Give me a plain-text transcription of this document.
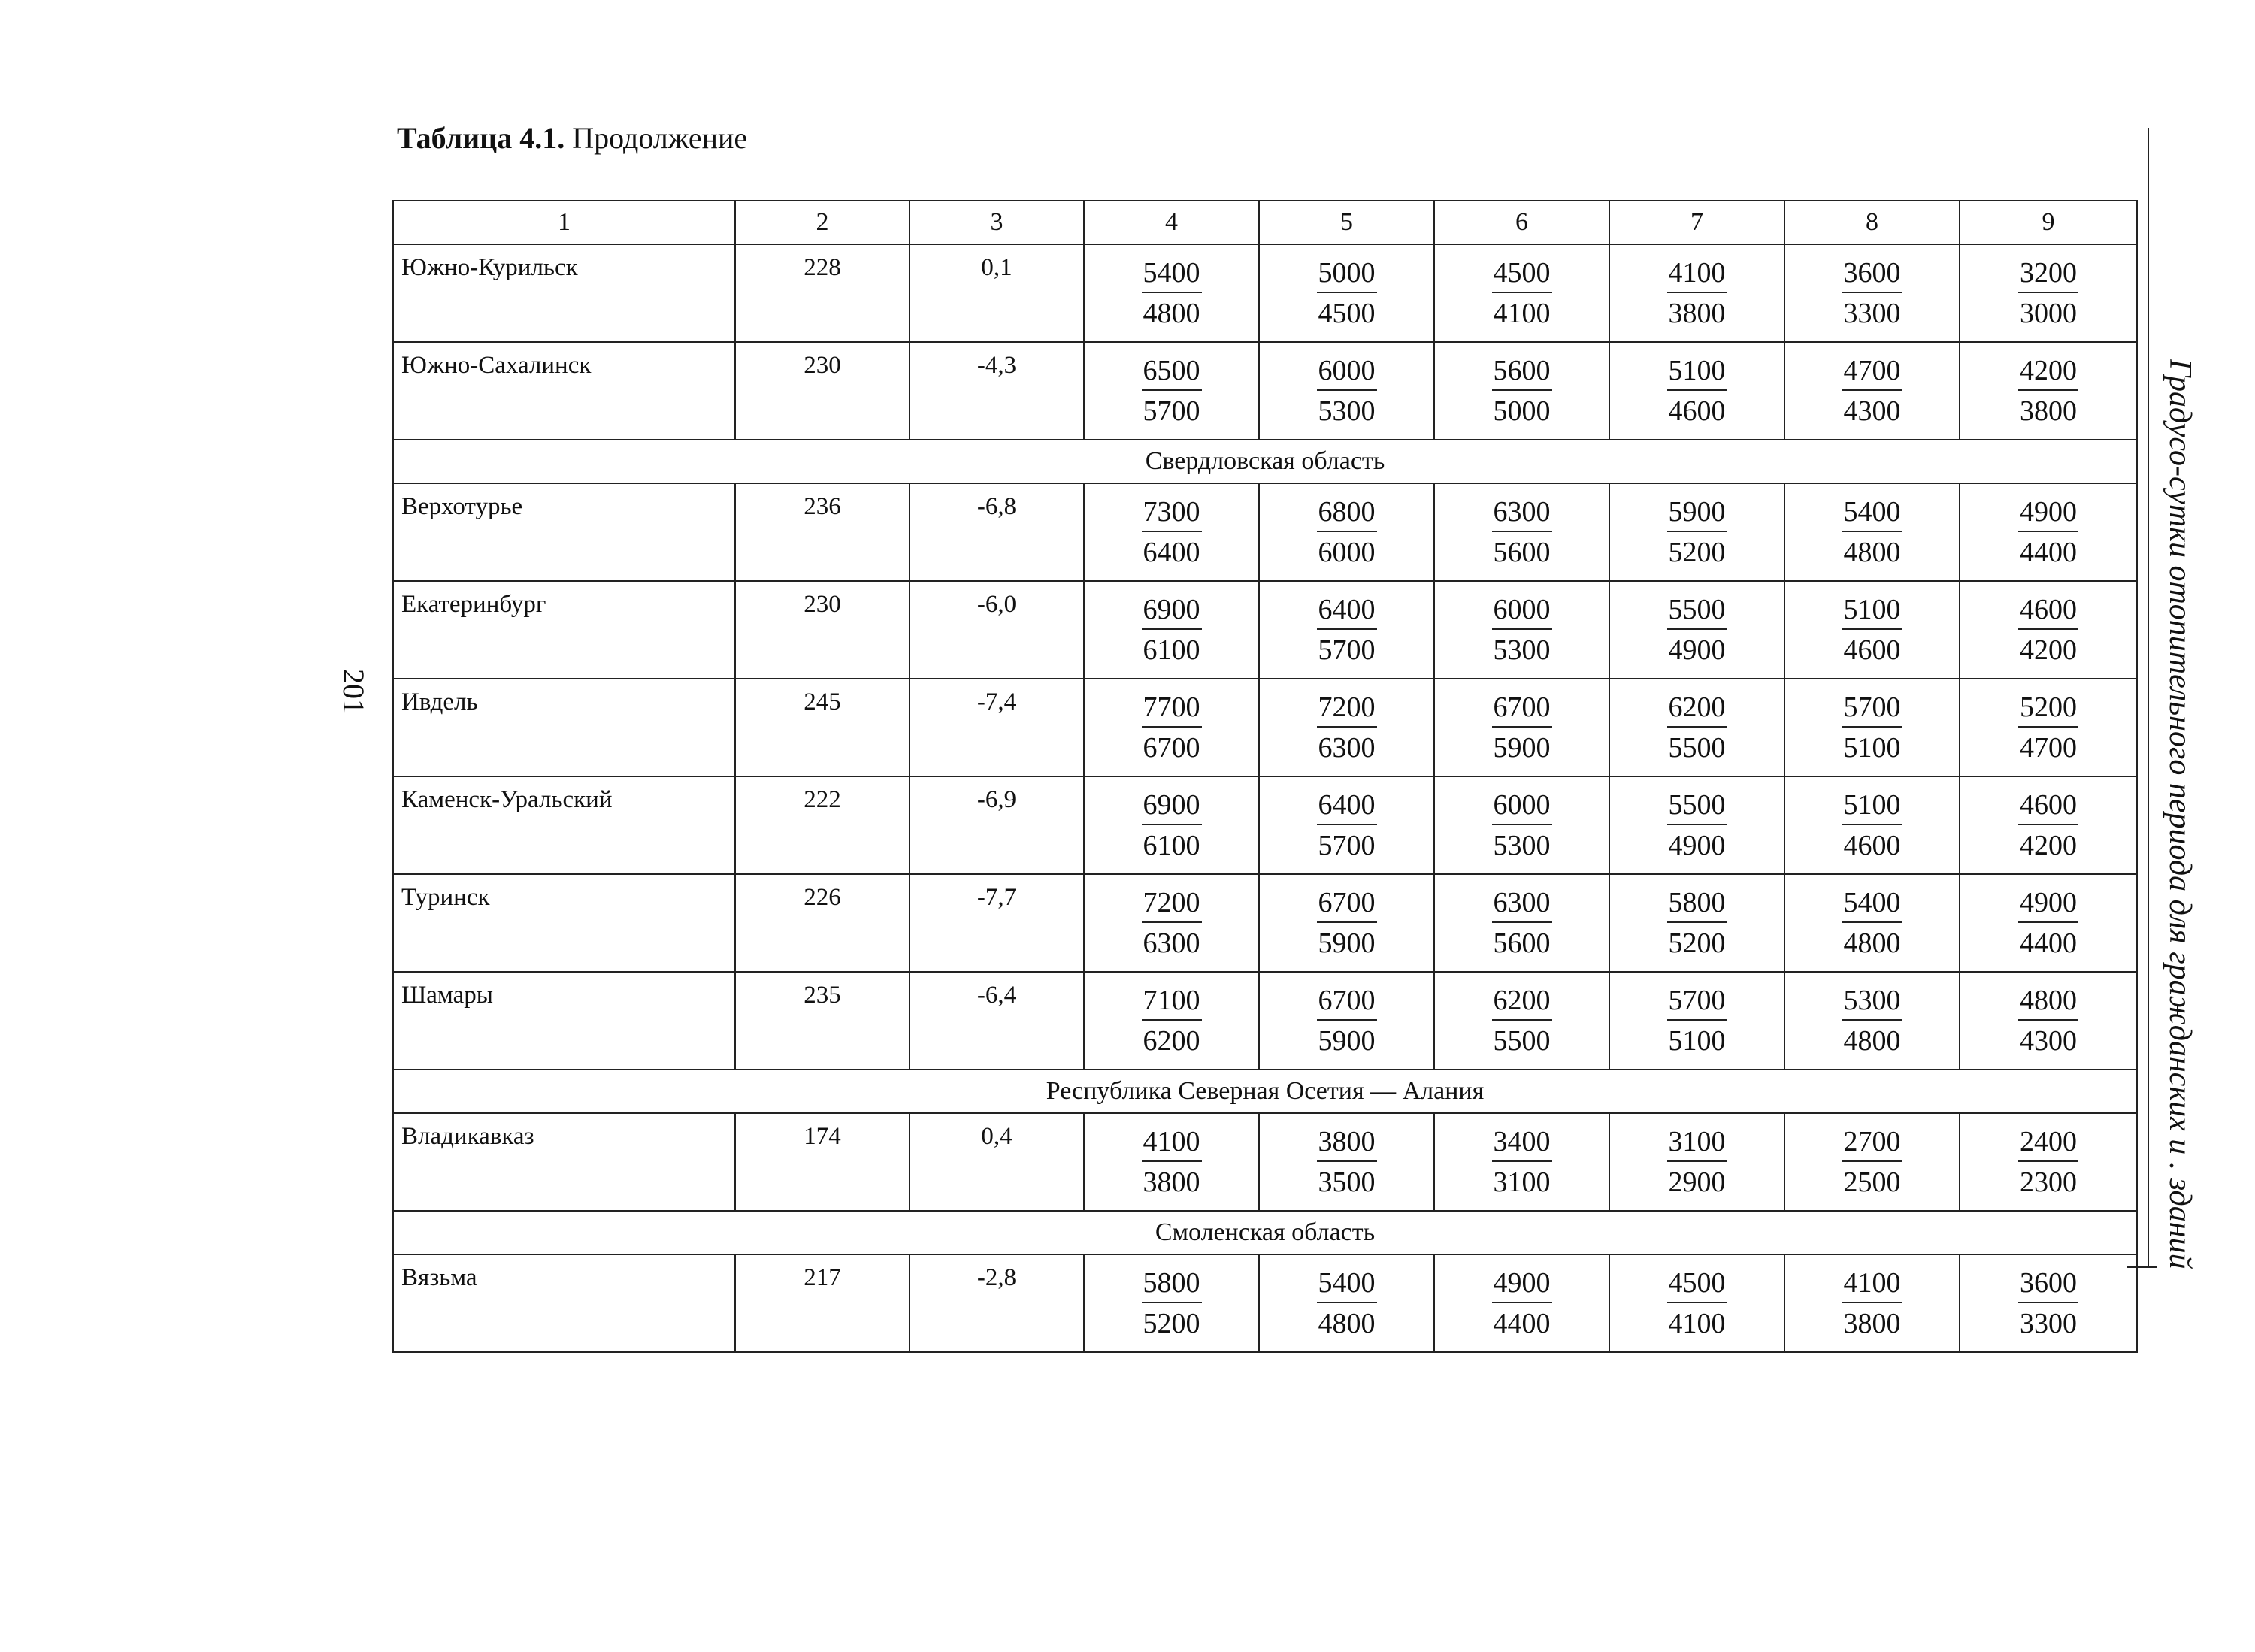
Таблица 4.1. Продолжение
201	Градусо-сутки отопительного периода для гражданских и . зданий
1	2	3	4	5	6	7	8	9
Южно-Курильск	228	0,1	$\frac{5400}{4800}$	$\frac{5000}{4500}$	$\frac{4500}{4100}$	$\frac{4100}{3800}$	$\frac{3600}{3300}$	$\frac{3200}{3000}$

Южно-Сахалинск	230	-4,3	$\frac{6500}{5700}$	$\frac{6000}{5300}$	$\frac{5600}{5000}$	$\frac{5100}{4600}$	$\frac{4700}{4300}$	$\frac{4200}{3800}$

Свердловская область								
Верхотурье	236	-6,8	$\frac{7300}{6400}$	$\frac{6800}{6000}$	$\frac{6300}{5600}$	$\frac{5900}{5200}$	$\frac{5400}{4800}$	$\frac{4900}{4400}$

Екатеринбург	230	-6,0	$\frac{6900}{6100}$	$\frac{6400}{5700}$	$\frac{6000}{5300}$	$\frac{5500}{4900}$	$\frac{5100}{4600}$	$\frac{4600}{4200}$

Ивдель	245	-7,4	$\frac{7700}{6700}$	$\frac{7200}{6300}$	$\frac{6700}{5900}$	$\frac{6200}{5500}$	$\frac{5700}{5100}$	$\frac{5200}{4700}$

Каменск-Уральский	222	-6,9	$\frac{6900}{6100}$	$\frac{6400}{5700}$	$\frac{6000}{5300}$	$\frac{5500}{4900}$	$\frac{5100}{4600}$	$\frac{4600}{4200}$

Туринск	226	-7,7	$\frac{7200}{6300}$	$\frac{6700}{5900}$	$\frac{6300}{5600}$	$\frac{5800}{5200}$	$\frac{5400}{4800}$	$\frac{4900}{4400}$

Шамары	235	-6,4	$\frac{7100}{6200}$	$\frac{6700}{5900}$	$\frac{6200}{5500}$	$\frac{5700}{5100}$	$\frac{5300}{4800}$	$\frac{4800}{4300}$

Республика Северная Осетия — Алания								
Владикавказ	174	0,4	$\frac{4100}{3800}$	$\frac{3800}{3500}$	$\frac{3400}{3100}$	$\frac{3100}{2900}$	$\frac{2700}{2500}$	$\frac{2400}{2300}$

Смоленская область								
Вязьма	217	-2,8	$\frac{5800}{5200}$	$\frac{5400}{4800}$	$\frac{4900}{4400}$	$\frac{4500}{4100}$	$\frac{4100}{3800}$	$\frac{3600}{3300}$
